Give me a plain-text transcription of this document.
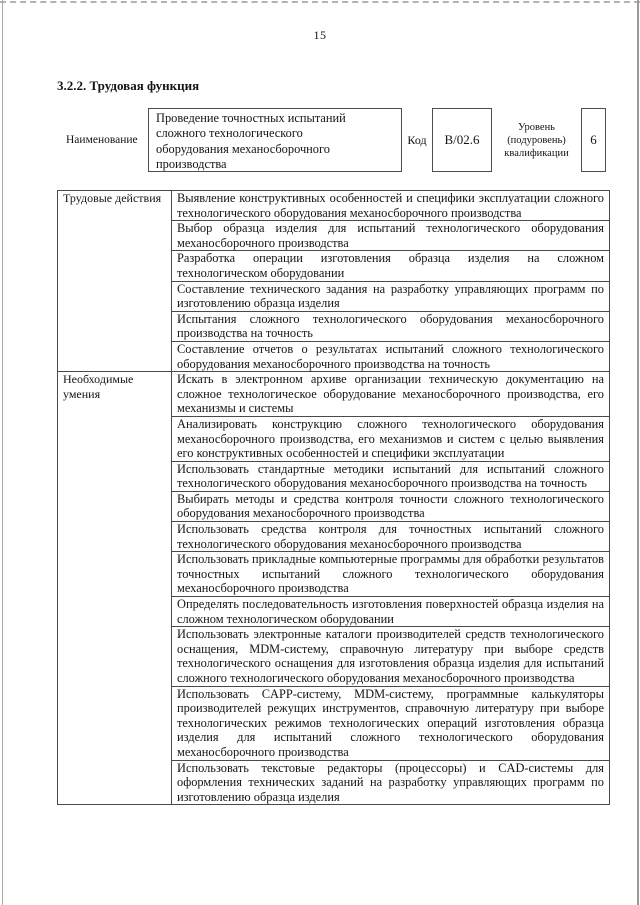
15
3.2.2. Трудовая функция
Наименование
Проведение точностных испытаний сложного технологического оборудования механосборочного производства
Код	В/02.6
Уровень (подуровень) квалификации
6
Трудовые действия	Выявление конструктивных особенностей и специфики эксплуатации сложного технологического оборудования механосборочного производства
	Выбор образца изделия для испытаний технологического оборудования механосборочного производства
	Разработка операции изготовления образца изделия на сложном технологическом оборудовании
	Составление технического задания на разработку управляющих программ по изготовлению образца изделия
	Испытания сложного технологического оборудования механосборочного производства на точность
	Составление отчетов о результатах испытаний сложного технологического оборудования механосборочного производства на точность
Необходимые умения	Искать в электронном архиве организации техническую документацию на сложное технологическое оборудование механосборочного производства, его механизмы и системы
	Анализировать конструкцию сложного технологического оборудования механосборочного производства, его механизмов и систем с целью выявления его конструктивных особенностей и специфики эксплуатации
	Использовать стандартные методики испытаний для испытаний сложного технологического оборудования механосборочного производства на точность
	Выбирать методы и средства контроля точности сложного технологического оборудования механосборочного производства
	Использовать средства контроля для точностных испытаний сложного технологического оборудования механосборочного производства
	Использовать прикладные компьютерные программы для обработки результатов точностных испытаний сложного технологического оборудования механосборочного производства
	Определять последовательность изготовления поверхностей образца изделия на сложном технологическом оборудовании
	Использовать электронные каталоги производителей средств технологического оснащения, MDM-систему, справочную литературу при выборе средств технологического оснащения для изготовления образца изделия для испытаний сложного технологического оборудования механосборочного производства
	Использовать CAPP-систему, MDM-систему, программные калькуляторы производителей режущих инструментов, справочную литературу при выборе технологических режимов технологических операций изготовления образца изделия для испытаний сложного технологического оборудования механосборочного производства
	Использовать текстовые редакторы (процессоры) и CAD-системы для оформления технических заданий на разработку управляющих программ по изготовлению образца изделия
